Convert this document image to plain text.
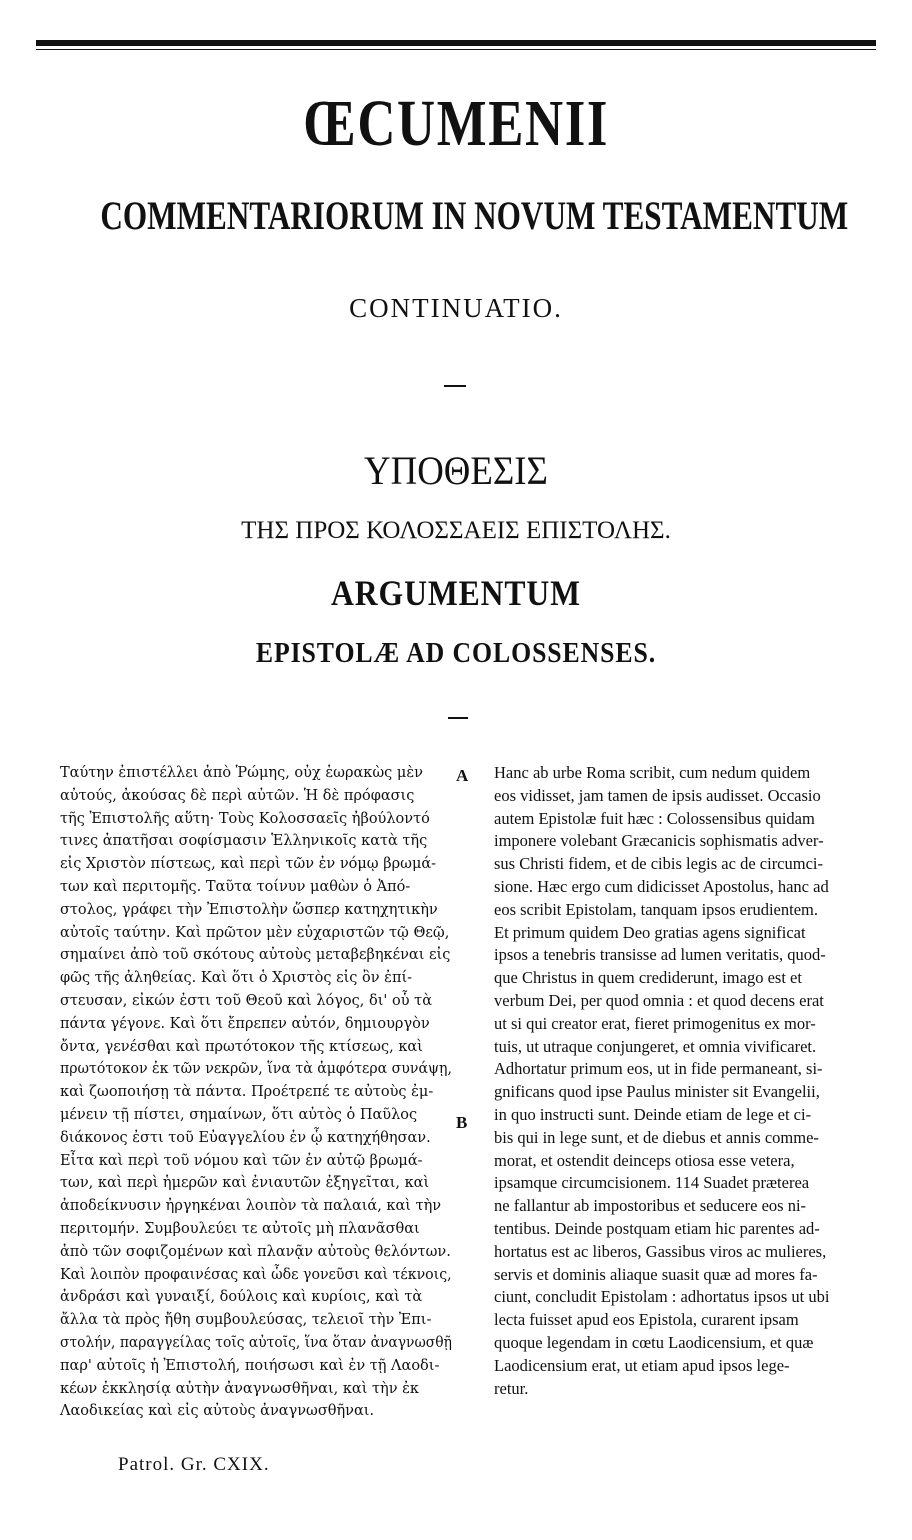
ŒCUMENII
COMMENTARIORUM IN NOVUM TESTAMENTUM
CONTINUATIO.
ΥΠΟΘΕΣΙΣ
ΤΗΣ ΠΡΟΣ ΚΟΛΟΣΣΑΕΙΣ ΕΠΙΣΤΟΛΗΣ.
ARGUMENTUM
EPISTOLÆ AD COLOSSENSES.
Ταύτην ἐπιστέλλει ἀπὸ Ῥώμης, οὐχ ἑωρακὼς μὲν
αὐτούς, ἀκούσας δὲ περὶ αὐτῶν. Ἡ δὲ πρόφασις
τῆς Ἐπιστολῆς αὕτη· Τοὺς Κολοσσαεῖς ἠβούλοντό
τινες ἀπατῆσαι σοφίσμασιν Ἑλληνικοῖς κατὰ τῆς
εἰς Χριστὸν πίστεως, καὶ περὶ τῶν ἐν νόμῳ βρωμά-
των καὶ περιτομῆς. Ταῦτα τοίνυν μαθὼν ὁ Ἀπό-
στολος, γράφει τὴν Ἐπιστολὴν ὥσπερ κατηχητικὴν
αὐτοῖς ταύτην. Καὶ πρῶτον μὲν εὐχαριστῶν τῷ Θεῷ,
σημαίνει ἀπὸ τοῦ σκότους αὐτοὺς μεταβεβηκέναι εἰς
φῶς τῆς ἀληθείας. Καὶ ὅτι ὁ Χριστὸς εἰς ὃν ἐπί-
στευσαν, εἰκών ἐστι τοῦ Θεοῦ καὶ λόγος, δι' οὗ τὰ
πάντα γέγονε. Καὶ ὅτι ἔπρεπεν αὐτόν, δημιουργὸν
ὄντα, γενέσθαι καὶ πρωτότοκον τῆς κτίσεως, καὶ
πρωτότοκον ἐκ τῶν νεκρῶν, ἵνα τὰ ἀμφότερα συνάψῃ,
καὶ ζωοποιήσῃ τὰ πάντα. Προέτρεπέ τε αὐτοὺς ἐμ-
μένειν τῇ πίστει, σημαίνων, ὅτι αὐτὸς ὁ Παῦλος
διάκονος ἐστι τοῦ Εὐαγγελίου ἐν ᾧ κατηχήθησαν.
Εἶτα καὶ περὶ τοῦ νόμου καὶ τῶν ἐν αὐτῷ βρωμά-
των, καὶ περὶ ἡμερῶν καὶ ἐνιαυτῶν ἐξηγεῖται, καὶ
ἀποδείκνυσιν ἠργηκέναι λοιπὸν τὰ παλαιά, καὶ τὴν
περιτομήν. Συμβουλεύει τε αὐτοῖς μὴ πλανᾶσθαι
ἀπὸ τῶν σοφιζομένων καὶ πλανᾷν αὐτοὺς θελόντων.
Καὶ λοιπὸν προφαινέσας καὶ ὧδε γονεῦσι καὶ τέκνοις,
ἀνδράσι καὶ γυναιξί, δούλοις καὶ κυρίοις, καὶ τὰ
ἄλλα τὰ πρὸς ἤθη συμβουλεύσας, τελειοῖ τὴν Ἐπι-
στολήν, παραγγείλας τοῖς αὐτοῖς, ἵνα ὅταν ἀναγνωσθῇ
παρ' αὐτοῖς ἡ Ἐπιστολή, ποιήσωσι καὶ ἐν τῇ Λαοδι-
κέων ἐκκλησίᾳ αὐτὴν ἀναγνωσθῆναι, καὶ τὴν ἐκ
Λαοδικείας καὶ εἰς αὐτοὺς ἀναγνωσθῆναι.
Hanc ab urbe Roma scribit, cum nedum quidem
eos vidisset, jam tamen de ipsis audisset. Occasio
autem Epistolæ fuit hæc : Colossensibus quidam
imponere volebant Græcanicis sophismatis adver-
sus Christi fidem, et de cibis legis ac de circumci-
sione. Hæc ergo cum didicisset Apostolus, hanc ad
eos scribit Epistolam, tanquam ipsos erudientem.
Et primum quidem Deo gratias agens significat
ipsos a tenebris transisse ad lumen veritatis, quod-
que Christus in quem crediderunt, imago est et
verbum Dei, per quod omnia : et quod decens erat
ut si qui creator erat, fieret primogenitus ex mor-
tuis, ut utraque conjungeret, et omnia vivificaret.
Adhortatur primum eos, ut in fide permaneant, si-
gnificans quod ipse Paulus minister sit Evangelii,
in quo instructi sunt. Deinde etiam de lege et ci-
bis qui in lege sunt, et de diebus et annis comme-
morat, et ostendit deinceps otiosa esse vetera,
ipsamque circumcisionem. 114 Suadet præterea
ne fallantur ab impostoribus et seducere eos ni-
tentibus. Deinde postquam etiam hic parentes ad-
hortatus est ac liberos, Gassibus viros ac mulieres,
servis et dominis aliaque suasit quæ ad mores fa-
ciunt, concludit Epistolam : adhortatus ipsos ut ubi
lecta fuisset apud eos Epistola, curarent ipsam
quoque legendam in cœtu Laodicensium, et quæ
Laodicensium erat, ut etiam apud ipsos lege-
retur.
A
B
Patrol. Gr. CXIX.
